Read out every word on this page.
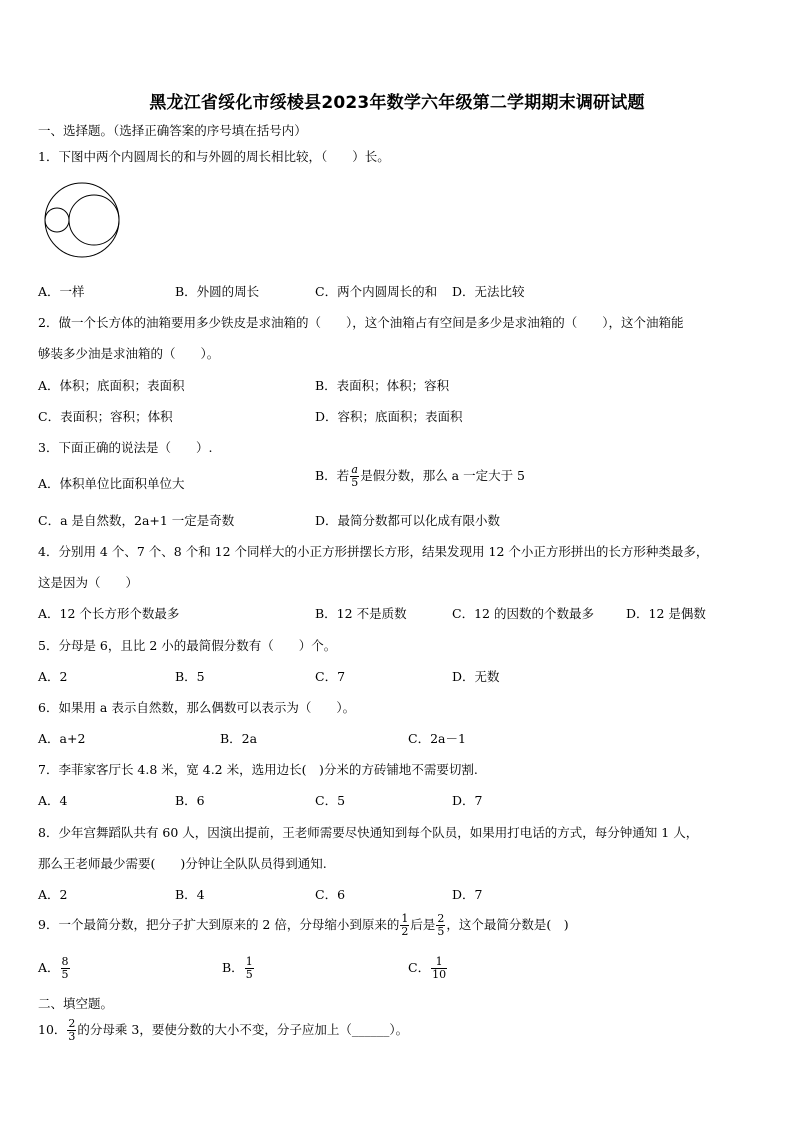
黑龙江省绥化市绥棱县2023年数学六年级第二学期期末调研试题
一、选择题。（选择正确答案的序号填在括号内）
1．下图中两个内圆周长的和与外圆的周长相比较，（　　）长。
A．一样	B．外圆的周长	C．两个内圆周长的和 D．无法比较
2．做一个长方体的油箱要用多少铁皮是求油箱的（　　），这个油箱占有空间是多少是求油箱的（　　），这个油箱能
够装多少油是求油箱的（　　）。
A．体积；底面积；表面积	B．表面积；体积；容积
C．表面积；容积；体积	D．容积；底面积；表面积
3．下面正确的说法是（　　）.
A．体积单位比面积单位大
B．若 $\frac{a}{5}$ 是假分数，那么 a 一定大于 5
C．a 是自然数，2a+1 一定是奇数	D．最简分数都可以化成有限小数
4．分别用 4 个、7 个、8 个和 12 个同样大的小正方形拼摆长方形，结果发现用 12 个小正方形拼出的长方形种类最多，
这是因为（　　）
A．12 个长方形个数最多	B．12 不是质数	C．12 的因数的个数最多	D．12 是偶数
5．分母是 6，且比 2 小的最简假分数有（　　）个。
A．2	B．5	C．7	D．无数
6．如果用 a 表示自然数，那么偶数可以表示为（　　）。
A．a+2	B．2a	C．2a－1
7．李菲家客厅长 4.8 米，宽 4.2 米，选用边长(　)分米的方砖铺地不需要切割.
A．4	B．6	C．5	D．7
8．少年宫舞蹈队共有 60 人，因演出提前，王老师需要尽快通知到每个队员，如果用打电话的方式，每分钟通知 1 人，
那么王老师最少需要(　　)分钟让全队队员得到通知.
A．2	B．4	C．6	D．7
9．一个最简分数，把分子扩大到原来的 2 倍，分母缩小到原来的 $\frac{1}{2}$ 后是 $\frac{2}{5}$ ，这个最简分数是(　)
A． $\frac{8}{5}$	B． $\frac{1}{5}$	C． $\frac{1}{10}$
二、填空题。
10． $\frac{2}{3}$ 的分母乘 3，要使分数的大小不变，分子应加上（______）。
